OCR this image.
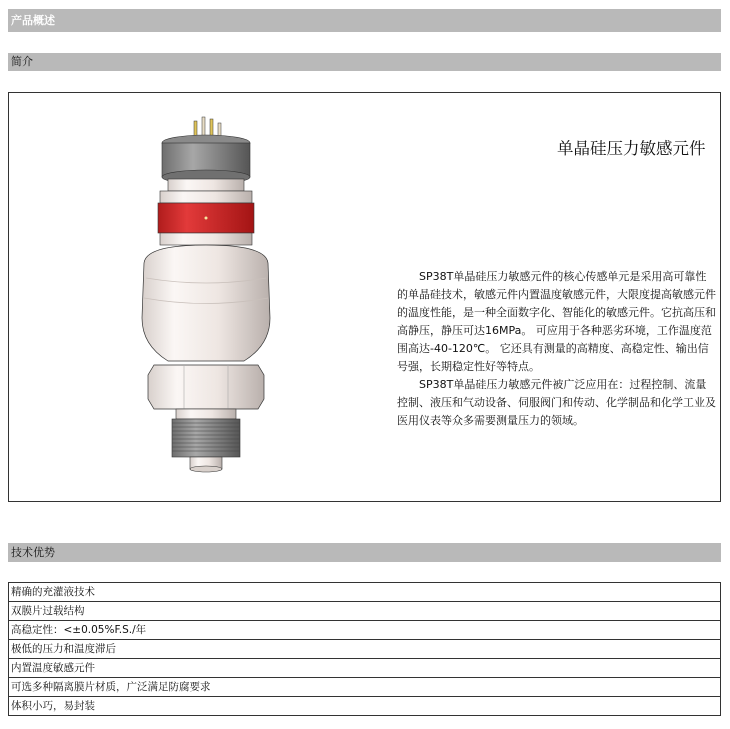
产品概述
简介
单晶硅压力敏感元件

SP38T单晶硅压力敏感元件的核心传感单元是采用高可靠性的单晶硅技术，敏感元件内置温度敏感元件，大限度提高敏感元件的温度性能，是一种全面数字化、智能化的敏感元件。它抗高压和高静压，静压可达16MPa。 可应用于各种恶劣环境，工作温度范围高达-40-120℃。 它还具有测量的高精度、高稳定性、输出信号强，长期稳定性好等特点。

SP38T单晶硅压力敏感元件被广泛应用在：过程控制、流量控制、液压和气动设备、伺服阀门和传动、化学制品和化学工业及医用仪表等众多需要测量压力的领域。

技术优势
精确的充灌液技术
双膜片过载结构
高稳定性：<±0.05%F.S./年
极低的压力和温度滞后
内置温度敏感元件
可选多种隔离膜片材质，广泛满足防腐要求
体积小巧，易封装
